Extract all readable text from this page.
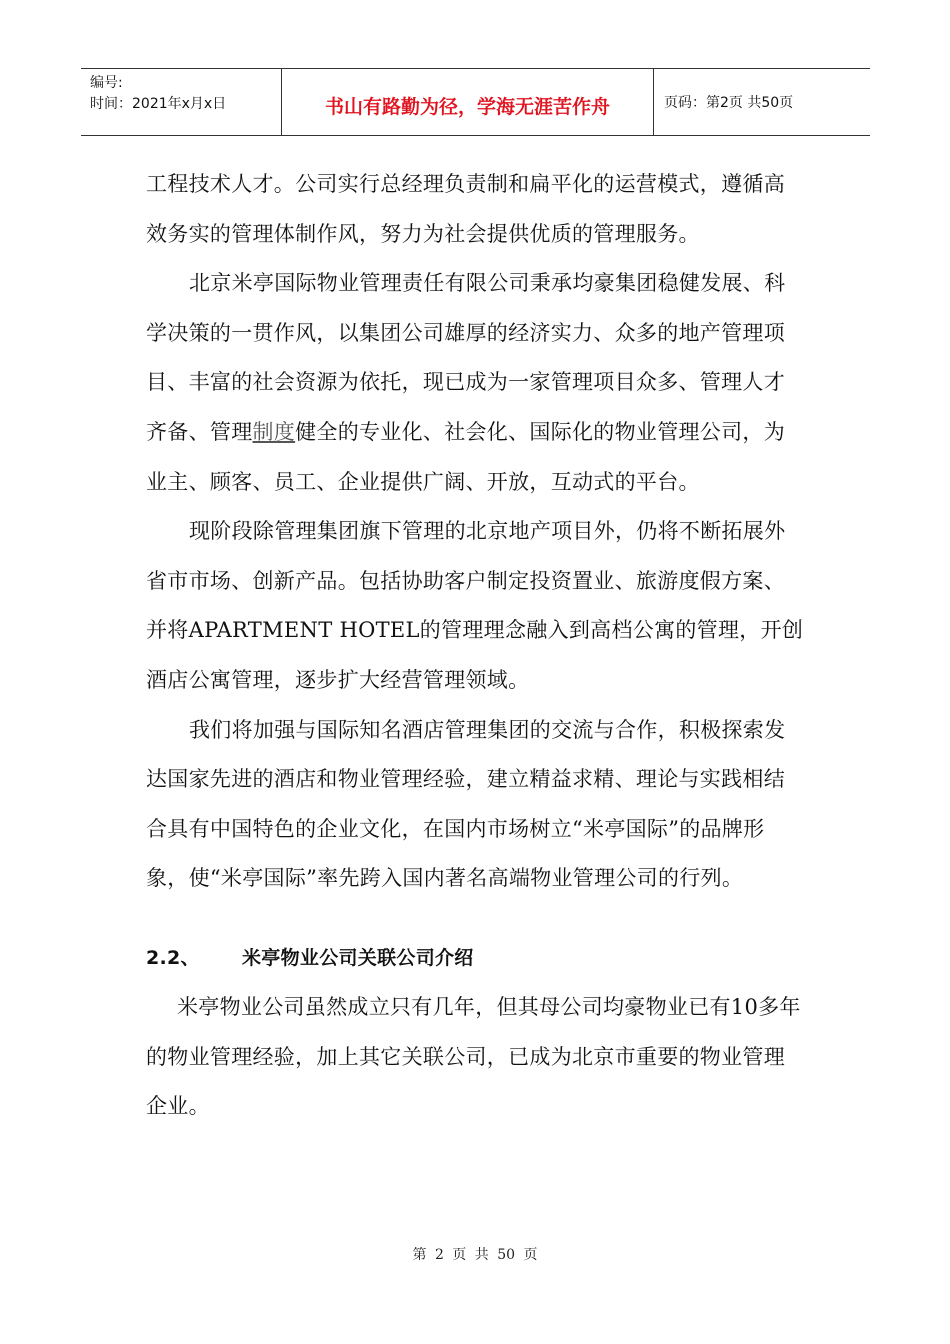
编号:
时间：2021年x月x日	书山有路勤为径，学海无涯苦作舟	页码：第2页 共50页

工程技术人才。公司实行总经理负责制和扁平化的运营模式，遵循高效务实的管理体制作风，努力为社会提供优质的管理服务。

北京米亭国际物业管理责任有限公司秉承均豪集团稳健发展、科学决策的一贯作风，以集团公司雄厚的经济实力、众多的地产管理项目、丰富的社会资源为依托，现已成为一家管理项目众多、管理人才齐备、管理制度健全的专业化、社会化、国际化的物业管理公司，为业主、顾客、员工、企业提供广阔、开放，互动式的平台。

现阶段除管理集团旗下管理的北京地产项目外，仍将不断拓展外省市市场、创新产品。包括协助客户制定投资置业、旅游度假方案、并将APARTMENT HOTEL的管理理念融入到高档公寓的管理，开创酒店公寓管理，逐步扩大经营管理领域。

我们将加强与国际知名酒店管理集团的交流与合作，积极探索发达国家先进的酒店和物业管理经验，建立精益求精、理论与实践相结合具有中国特色的企业文化，在国内市场树立“米亭国际”的品牌形象，使“米亭国际”率先跨入国内著名高端物业管理公司的行列。

2.2、	米亭物业公司关联公司介绍

米亭物业公司虽然成立只有几年，但其母公司均豪物业已有10多年的物业管理经验，加上其它关联公司，已成为北京市重要的物业管理企业。

第 2 页 共 50 页
